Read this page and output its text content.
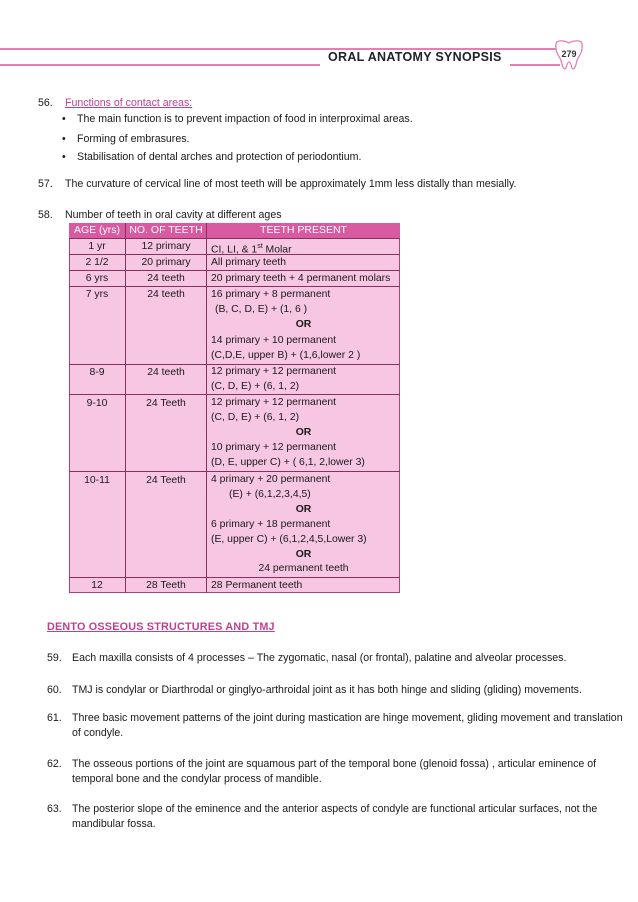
ORAL ANATOMY SYNOPSIS	279
56. Functions of contact areas:
• The main function is to prevent impaction of food in interproximal areas.
• Forming of embrasures.
• Stabilisation of dental arches and protection of periodontium.
57. The curvature of cervical line of most teeth will be approximately 1mm less distally than mesially.
58. Number of teeth in oral cavity at different ages
AGE (yrs) NO. OF TEETH	TEETH PRESENT
1 yr	12 primary	CI, LI, & 1st Molar
2 1/2	20 primary	All primary teeth
6 yrs	24 teeth	20 primary teeth + 4 permanent molars
7 yrs	24 teeth	16 primary + 8 permanent
(B, C, D, E) + (1, 6 )
OR
14 primary + 10 permanent
(C,D,E, upper B) + (1,6,lower 2 )
8-9	24 teeth	12 primary + 12 permanent
(C, D, E) + (6, 1, 2)
9-10	24 Teeth	12 primary + 12 permanent
(C, D, E) + (6, 1, 2)
OR
10 primary + 12 permanent
(D, E, upper C) + ( 6,1, 2,lower 3)
10-11	24 Teeth	4 primary + 20 permanent
(E) + (6,1,2,3,4,5)
OR
6 primary + 18 permanent
(E, upper C) + (6,1,2,4,5,Lower 3)
OR
24 permanent teeth
12	28 Teeth	28 Permanent teeth
DENTO OSSEOUS STRUCTURES AND TMJ
59. Each maxilla consists of 4 processes – The zygomatic, nasal (or frontal), palatine and alveolar processes.
60. TMJ is condylar or Diarthrodal or ginglyo-arthroidal joint as it has both hinge and sliding (gliding) movements.
61. Three basic movement patterns of the joint during mastication are hinge movement, gliding movement and translation
of condyle.
62. The osseous portions of the joint are squamous part of the temporal bone (glenoid fossa) , articular eminence of
temporal bone and the condylar process of mandible.
63. The posterior slope of the eminence and the anterior aspects of condyle are functional articular surfaces, not the
mandibular fossa.
